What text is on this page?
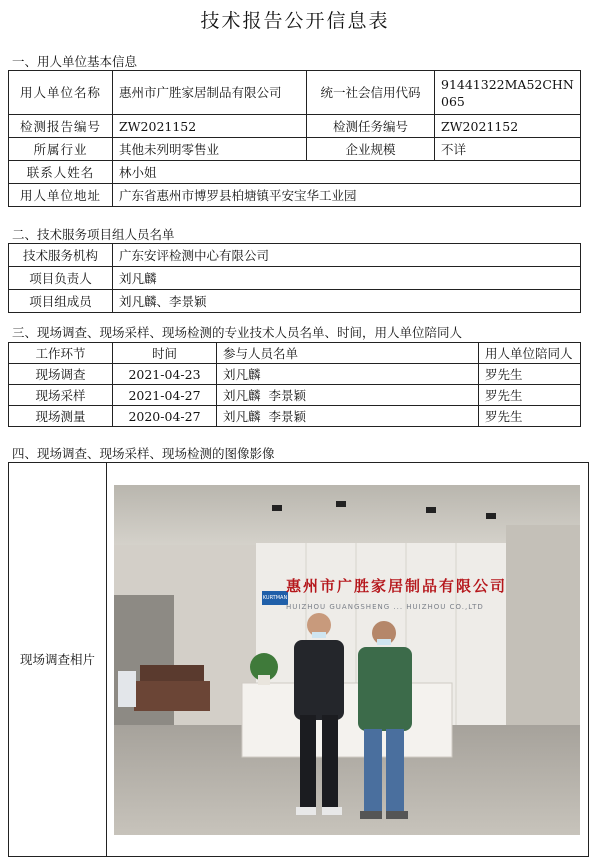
技术报告公开信息表
一、用人单位基本信息
用人单位名称	惠州市广胜家居制品有限公司	统一社会信用代码	91441322MA52CHN065
检测报告编号	ZW2021152	检测任务编号	ZW2021152
所属行业	其他未列明零售业	企业规模	不详
联系人姓名	林小姐		
用人单位地址	广东省惠州市博罗县柏塘镇平安宝华工业园		
二、技术服务项目组人员名单
技术服务机构	广东安评检测中心有限公司
项目负责人	刘凡麟
项目组成员	刘凡麟、李景颖
三、现场调查、现场采样、现场检测的专业技术人员名单、时间，用人单位陪同人
工作环节	时间	参与人员名单	用人单位陪同人
现场调查	2021-04-23	刘凡麟	罗先生
现场采样	2021-04-27	刘凡麟  李景颖	罗先生
现场测量	2020-04-27	刘凡麟  李景颖	罗先生
四、现场调查、现场采样、现场检测的图像影像
现场调查相片	
KURTMAN
惠州市广胜家居制品有限公司
HUIZHOU GUANGSHENG ... HUIZHOU CO.,LTD
